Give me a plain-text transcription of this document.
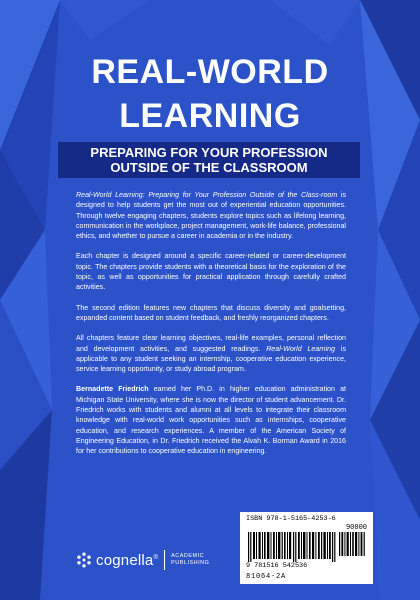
REAL-WORLD
LEARNING
PREPARING FOR YOUR PROFESSION
OUTSIDE OF THE CLASSROOM

Real-World Learning: Preparing for Your Profession Outside of the Class-room is designed to help students get the most out of experiential education opportunities. Through twelve engaging chapters, students explore topics such as lifelong learning, communication in the workplace, project management, work-life balance, professional ethics, and whether to pursue a career in academia or in the industry.

Each chapter is designed around a specific career-related or career-development topic. The chapters provide students with a theoretical basis for the exploration of the topic, as well as opportunities for practical application through carefully crafted activities.

The second edition features new chapters that discuss diversity and goalsetting, expanded content based on student feedback, and freshly reorganized chapters.

All chapters feature clear learning objectives, real-life examples, personal reflection and development activities, and suggested readings. Real-World Learning is applicable to any student seeking an internship, cooperative education experience, service learning opportunity, or study abroad program.

Bernadette Friedrich earned her Ph.D. in higher education administration at Michigan State University, where she is now the director of student advancement. Dr. Friedrich works with students and alumni at all levels to integrate their classroom knowledge with real-world work opportunities such as internships, cooperative education, and research experiences. A member of the American Society of Engineering Education, in Dr. Friedrich received the Alvah K. Borman Award in 2016 for her contributions to cooperative education in engineering.

cognella® ACADEMIC
PUBLISHING
ISBN 978-1-5165-4253-6
90000
9 781516 542536
81064-2A
